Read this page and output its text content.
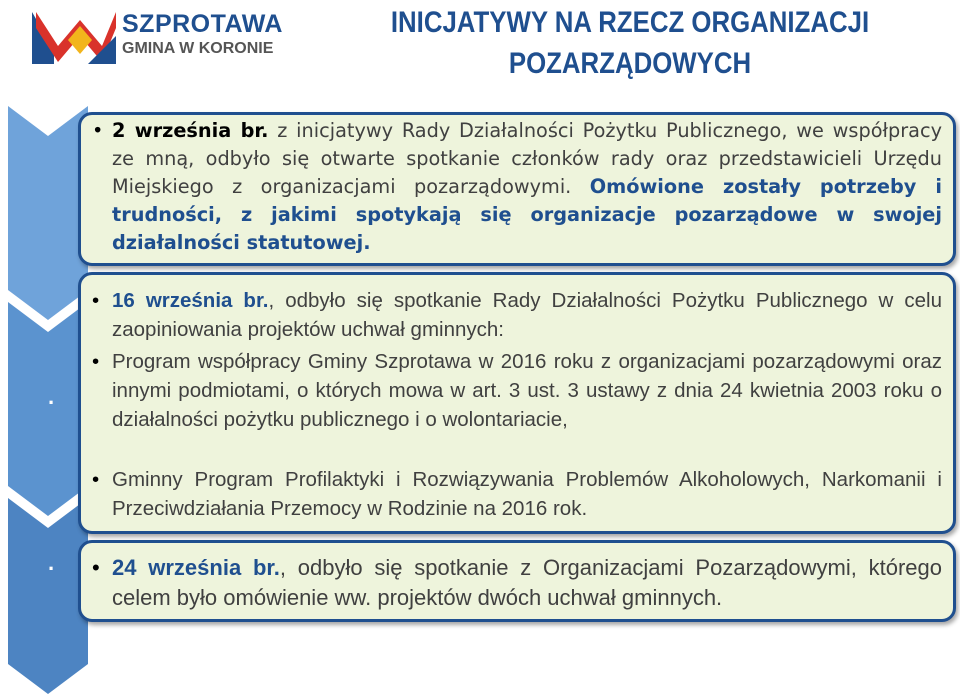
SZPROTAWA
GMINA W KORONIE
INICJATYWY NA RZECZ ORGANIZACJI
POZARZĄDOWYCH
.
.
• 2 września br. z inicjatywy Rady Działalności Pożytku Publicznego, we współpracy ze mną, odbyło się otwarte spotkanie członków rady oraz przedstawicieli Urzędu Miejskiego z organizacjami pozarządowymi. Omówione zostały potrzeby i trudności, z jakimi spotykają się organizacje pozarządowe w swojej działalności statutowej.
• 16 września br., odbyło się spotkanie Rady Działalności Pożytku Publicznego w celu zaopiniowania projektów uchwał gminnych:
• Program współpracy Gminy Szprotawa w 2016 roku z organizacjami pozarządowymi oraz innymi podmiotami, o których mowa w art. 3 ust. 3 ustawy z dnia 24 kwietnia 2003 roku o działalności pożytku publicznego i o wolontariacie,
• Gminny Program Profilaktyki i Rozwiązywania Problemów Alkoholowych, Narkomanii i Przeciwdziałania Przemocy w Rodzinie na 2016 rok.
• 24 września br., odbyło się spotkanie z Organizacjami Pozarządowymi, którego celem było omówienie ww. projektów dwóch uchwał gminnych.
